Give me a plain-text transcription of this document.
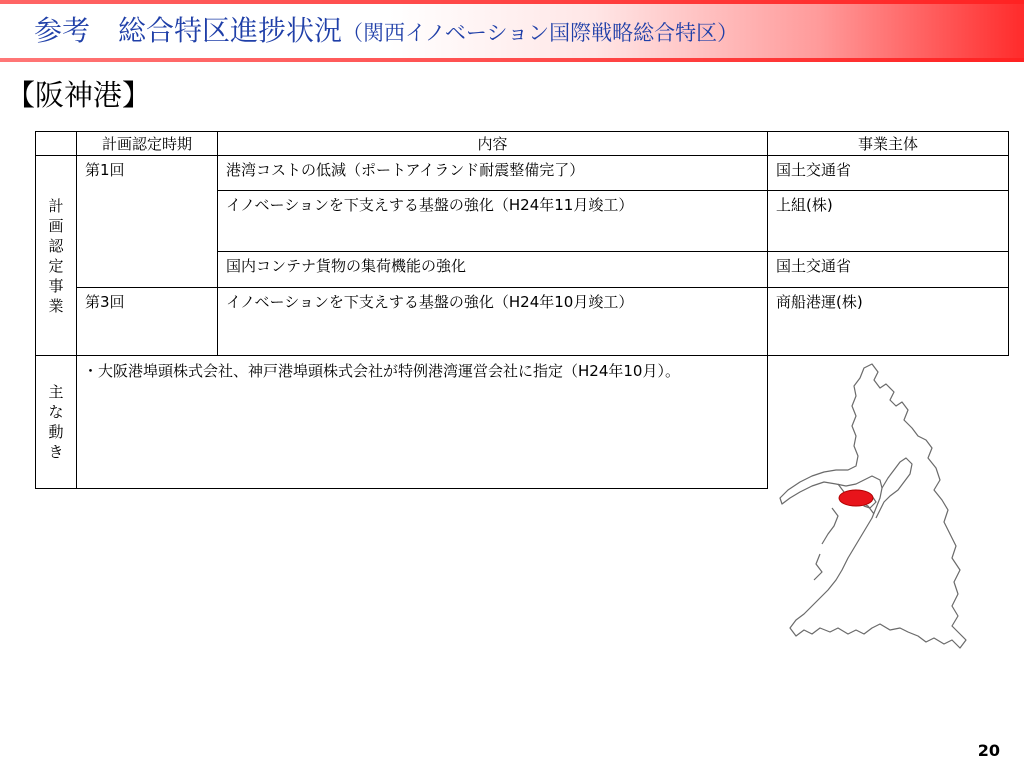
参考　総合特区進捗状況（関西イノベーション国際戦略総合特区）
【阪神港】
	計画認定時期	内容	事業主体
計画認定事業	第1回	港湾コストの低減（ポートアイランド耐震整備完了）	国土交通省

		イノベーションを下支えする基盤の強化（H24年11月竣工）	上組(株)

		国内コンテナ貨物の集荷機能の強化	国土交通省

	第3回	イノベーションを下支えする基盤の強化（H24年10月竣工）	商船港運(株)

主な動き	・大阪港埠頭株式会社、神戸港埠頭株式会社が特例港湾運営会社に指定（H24年10月）。		

20
